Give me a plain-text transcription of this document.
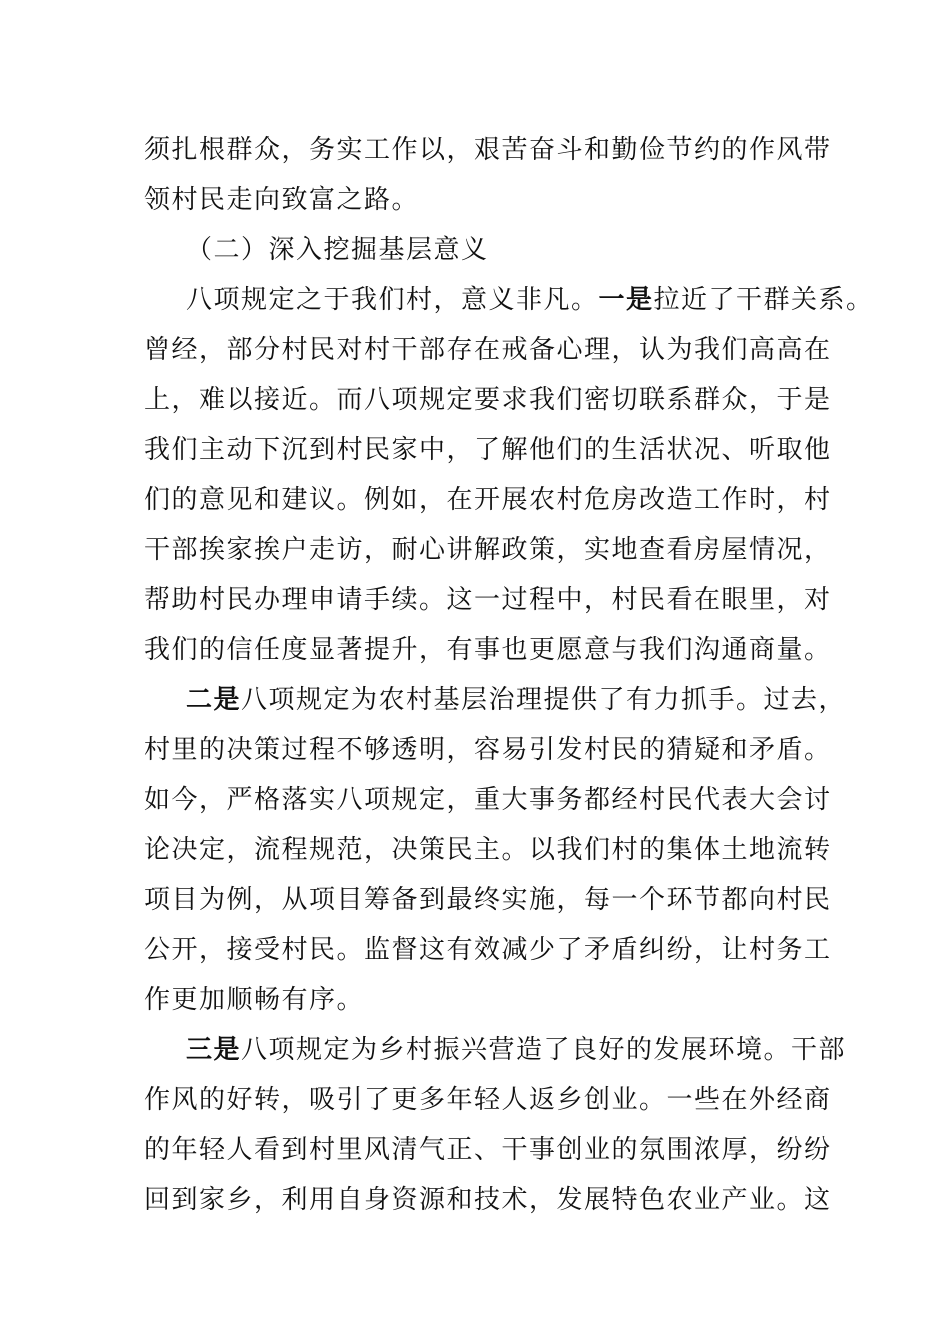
须扎根群众，务实工作以，艰苦奋斗和勤俭节约的作风带
领村民走向致富之路。
（二）深入挖掘基层意义
八项规定之于我们村，意义非凡。一是拉近了干群关系。
曾经，部分村民对村干部存在戒备心理，认为我们高高在
上，难以接近。而八项规定要求我们密切联系群众，于是
我们主动下沉到村民家中，了解他们的生活状况、听取他
们的意见和建议。例如，在开展农村危房改造工作时，村
干部挨家挨户走访，耐心讲解政策，实地查看房屋情况，
帮助村民办理申请手续。这一过程中，村民看在眼里，对
我们的信任度显著提升，有事也更愿意与我们沟通商量。
二是八项规定为农村基层治理提供了有力抓手。过去，
村里的决策过程不够透明，容易引发村民的猜疑和矛盾。
如今，严格落实八项规定，重大事务都经村民代表大会讨
论决定，流程规范，决策民主。以我们村的集体土地流转
项目为例，从项目筹备到最终实施，每一个环节都向村民
公开，接受村民。监督这有效减少了矛盾纠纷，让村务工
作更加顺畅有序。
三是八项规定为乡村振兴营造了良好的发展环境。干部
作风的好转，吸引了更多年轻人返乡创业。一些在外经商
的年轻人看到村里风清气正、干事创业的氛围浓厚，纷纷
回到家乡，利用自身资源和技术，发展特色农业产业。这
